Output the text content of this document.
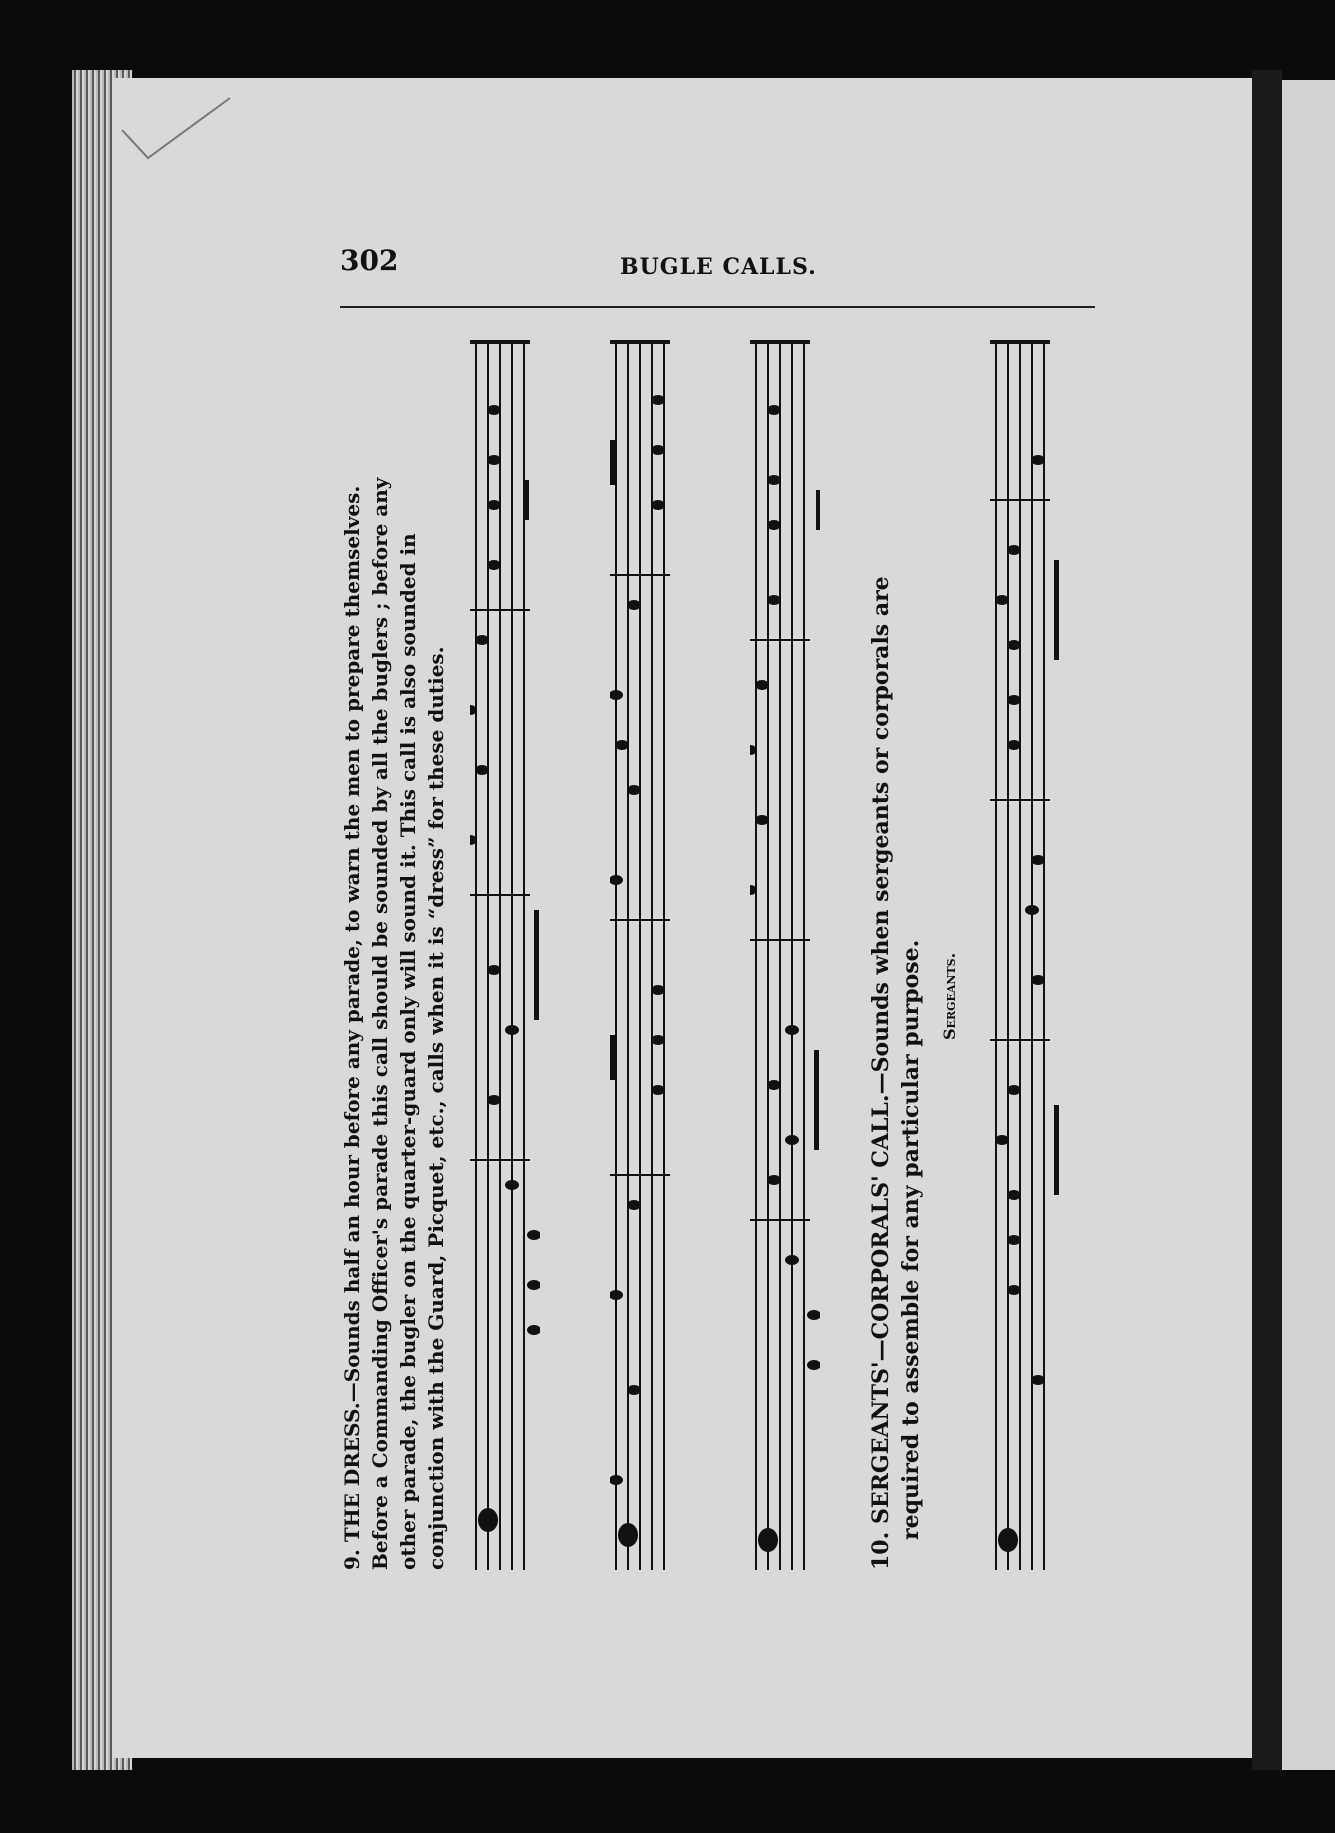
302	BUGLE CALLS.
9. THE DRESS.—Sounds half an hour before any parade, to warn the men to prepare themselves. Before a Commanding Officer's parade this call should be sounded by all the buglers ; before any other parade, the bugler on the quarter-guard only will sound it. This call is also sounded in conjunction with the Guard, Picquet, etc., calls when it is “dress” for these duties.	10. SERGEANTS'—CORPORALS' CALL.—Sounds when sergeants or corporals are
required to assemble for any particular purpose. Sergeants.
